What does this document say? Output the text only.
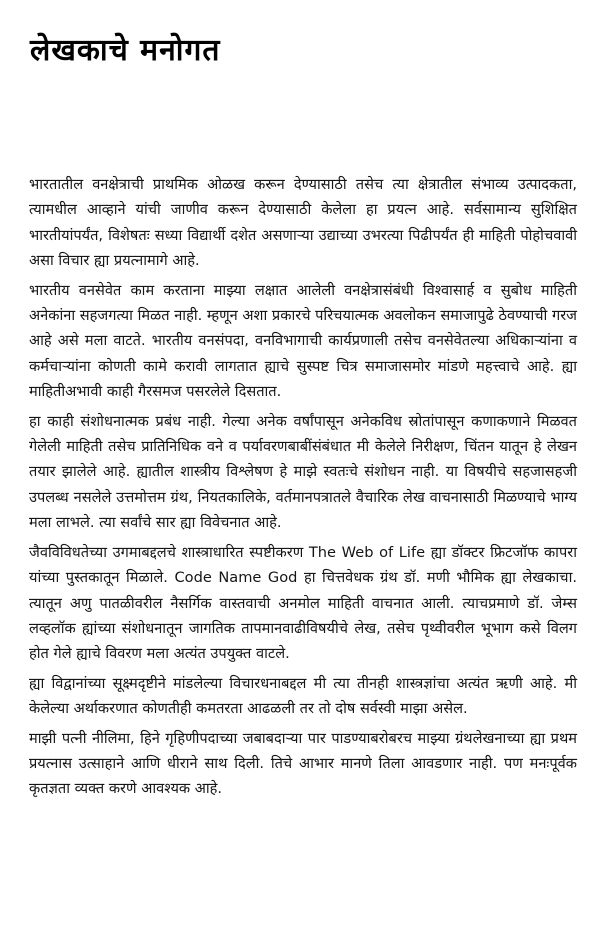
लेखकाचे मनोगत

भारतातील वनक्षेत्राची प्राथमिक ओळख करून देण्यासाठी तसेच त्या क्षेत्रातील संभाव्य उत्पादकता, त्यामधील आव्हाने यांची जाणीव करून देण्यासाठी केलेला हा प्रयत्न आहे. सर्वसामान्य सुशिक्षित भारतीयांपर्यंत, विशेषतः सध्या विद्यार्थी दशेत असणाऱ्या उद्याच्या उभरत्या पिढीपर्यंत ही माहिती पोहोचवावी असा विचार ह्या प्रयत्नामागे आहे.

भारतीय वनसेवेत काम करताना माझ्या लक्षात आलेली वनक्षेत्रासंबंधी विश्वासार्ह व सुबोध माहिती अनेकांना सहजगत्या मिळत नाही. म्हणून अशा प्रकारचे परिचयात्मक अवलोकन समाजापुढे ठेवण्याची गरज आहे असे मला वाटते. भारतीय वनसंपदा, वनविभागाची कार्यप्रणाली तसेच वनसेवेतल्या अधिकाऱ्यांना व कर्मचाऱ्यांना कोणती कामे करावी लागतात ह्याचे सुस्पष्ट चित्र समाजासमोर मांडणे महत्त्वाचे आहे. ह्या माहितीअभावी काही गैरसमज पसरलेले दिसतात.

हा काही संशोधनात्मक प्रबंध नाही. गेल्या अनेक वर्षांपासून अनेकविध स्रोतांपासून कणाकणाने मिळवत गेलेली माहिती तसेच प्रातिनिधिक वने व पर्यावरणबाबींसंबंधात मी केलेले निरीक्षण, चिंतन यातून हे लेखन तयार झालेले आहे. ह्यातील शास्त्रीय विश्लेषण हे माझे स्वतःचे संशोधन नाही. या विषयीचे सहजासहजी उपलब्ध नसलेले उत्तमोत्तम ग्रंथ, नियतकालिके, वर्तमानपत्रातले वैचारिक लेख वाचनासाठी मिळण्याचे भाग्य मला लाभले. त्या सर्वांचे सार ह्या विवेचनात आहे.

जैवविविधतेच्या उगमाबद्दलचे शास्त्राधारित स्पष्टीकरण The Web of Life ह्या डॉक्टर फ्रिटजॉफ कापरा यांच्या पुस्तकातून मिळाले. Code Name God हा चित्तवेधक ग्रंथ डॉ. मणी भौमिक ह्या लेखकाचा. त्यातून अणु पातळीवरील नैसर्गिक वास्तवाची अनमोल माहिती वाचनात आली. त्याचप्रमाणे डॉ. जेम्स लव्हलॉक ह्यांच्या संशोधनातून जागतिक तापमानवाढीविषयीचे लेख, तसेच पृथ्वीवरील भूभाग कसे विलग होत गेले ह्याचे विवरण मला अत्यंत उपयुक्त वाटले.

ह्या विद्वानांच्या सूक्ष्मदृष्टीने मांडलेल्या विचारधनाबद्दल मी त्या तीनही शास्त्रज्ञांचा अत्यंत ऋणी आहे. मी केलेल्या अर्थाकरणात कोणतीही कमतरता आढळली तर तो दोष सर्वस्वी माझा असेल.

माझी पत्नी नीलिमा, हिने गृहिणीपदाच्या जबाबदाऱ्या पार पाडण्याबरोबरच माझ्या ग्रंथलेखनाच्या ह्या प्रथम प्रयत्नास उत्साहाने आणि धीराने साथ दिली. तिचे आभार मानणे तिला आवडणार नाही. पण मनःपूर्वक कृतज्ञता व्यक्त करणे आवश्यक आहे.
